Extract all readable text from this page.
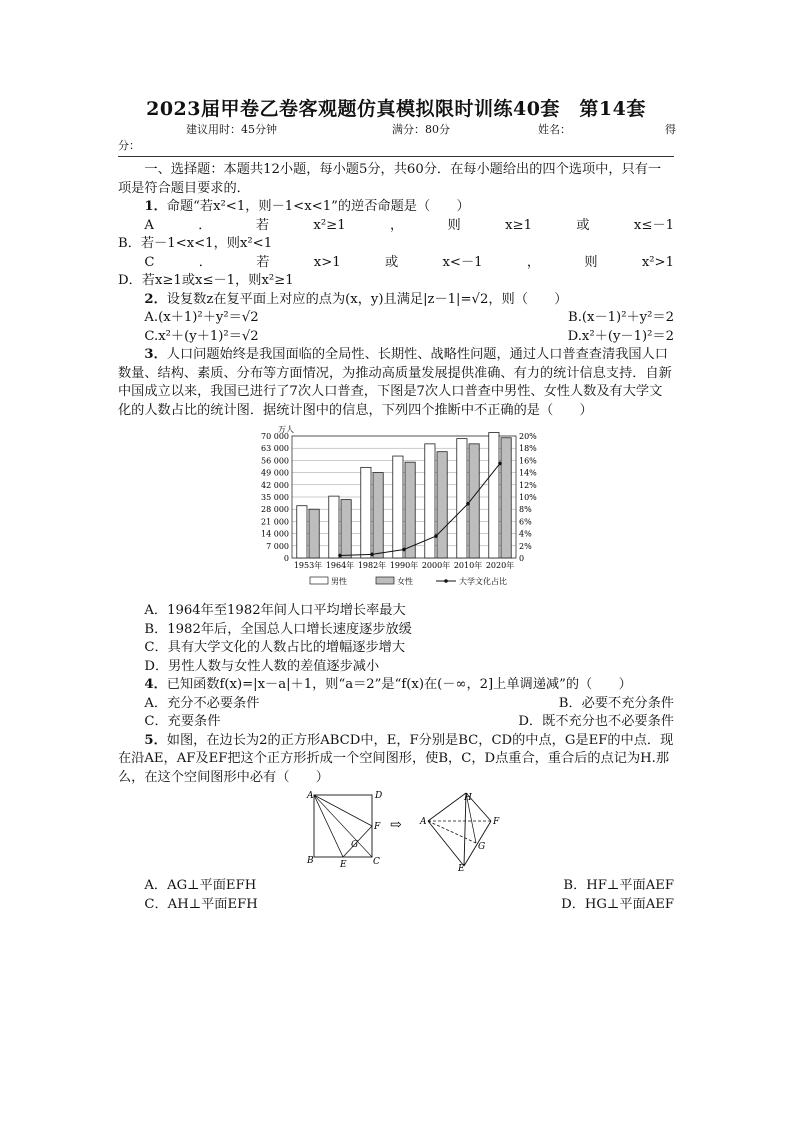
2023届甲卷乙卷客观题仿真模拟限时训练40套　第14套
建议用时：45分钟	满分：80分	姓名：	得
分：

一、选择题：本题共12小题，每小题5分，共60分．在每小题给出的四个选项中，只有一项是符合题目要求的．

1．命题“若x²<1，则－1<x<1”的逆否命题是（　　）

A．若x²≥1，则x≥1或x≤－1

B．若－1<x<1，则x²<1

C．若x>1或x<－1，则x²>1

D．若x≥1或x≤－1，则x²≥1

2．设复数z在复平面上对应的点为(x，y)且满足|z－1|=√2，则（　　）

A.(x＋1)²＋y²＝√2	B.(x－1)²＋y²＝2
C.x²＋(y＋1)²＝√2	D.x²＋(y－1)²＝2

3．人口问题始终是我国面临的全局性、长期性、战略性问题，通过人口普查查清我国人口数量、结构、素质、分布等方面情况，为推动高质量发展提供准确、有力的统计信息支持．自新中国成立以来，我国已进行了7次人口普查，下图是7次人口普查中男性、女性人数及有大学文化的人数占比的统计图．据统计图中的信息，下列四个推断中不正确的是（　　）

0	0
7 000	2%
14 000	4%
21 000	6%
28 000	8%
35 000	10%
42 000	12%
49 000	14%
56 000	16%
63 000	18%
70 000	20%
万人
1953年 1964年 1982年 1990年 2000年 2010年 2020年
男性	女性	大学文化占比

A．1964年至1982年间人口平均增长率最大

B．1982年后，全国总人口增长速度逐步放缓

C．具有大学文化的人数占比的增幅逐步增大

D．男性人数与女性人数的差值逐步减小

4．已知函数f(x)=|x－a|＋1，则“a＝2”是“f(x)在(－∞，2]上单调递减”的（　　）

A．充分不必要条件	B．必要不充分条件
C．充要条件	D．既不充分也不必要条件

5．如图，在边长为2的正方形ABCD中，E，F分别是BC，CD的中点，G是EF的中点．现在沿AE，AF及EF把这个正方形折成一个空间图形，使B，C，D点重合，重合后的点记为H.那么，在这个空间图形中必有（　　）

A	D
B	E	C
F
G
⇨
H
A	F
G
E
A．AG⊥平面EFH	B．HF⊥平面AEF
C．AH⊥平面EFH	D．HG⊥平面AEF
